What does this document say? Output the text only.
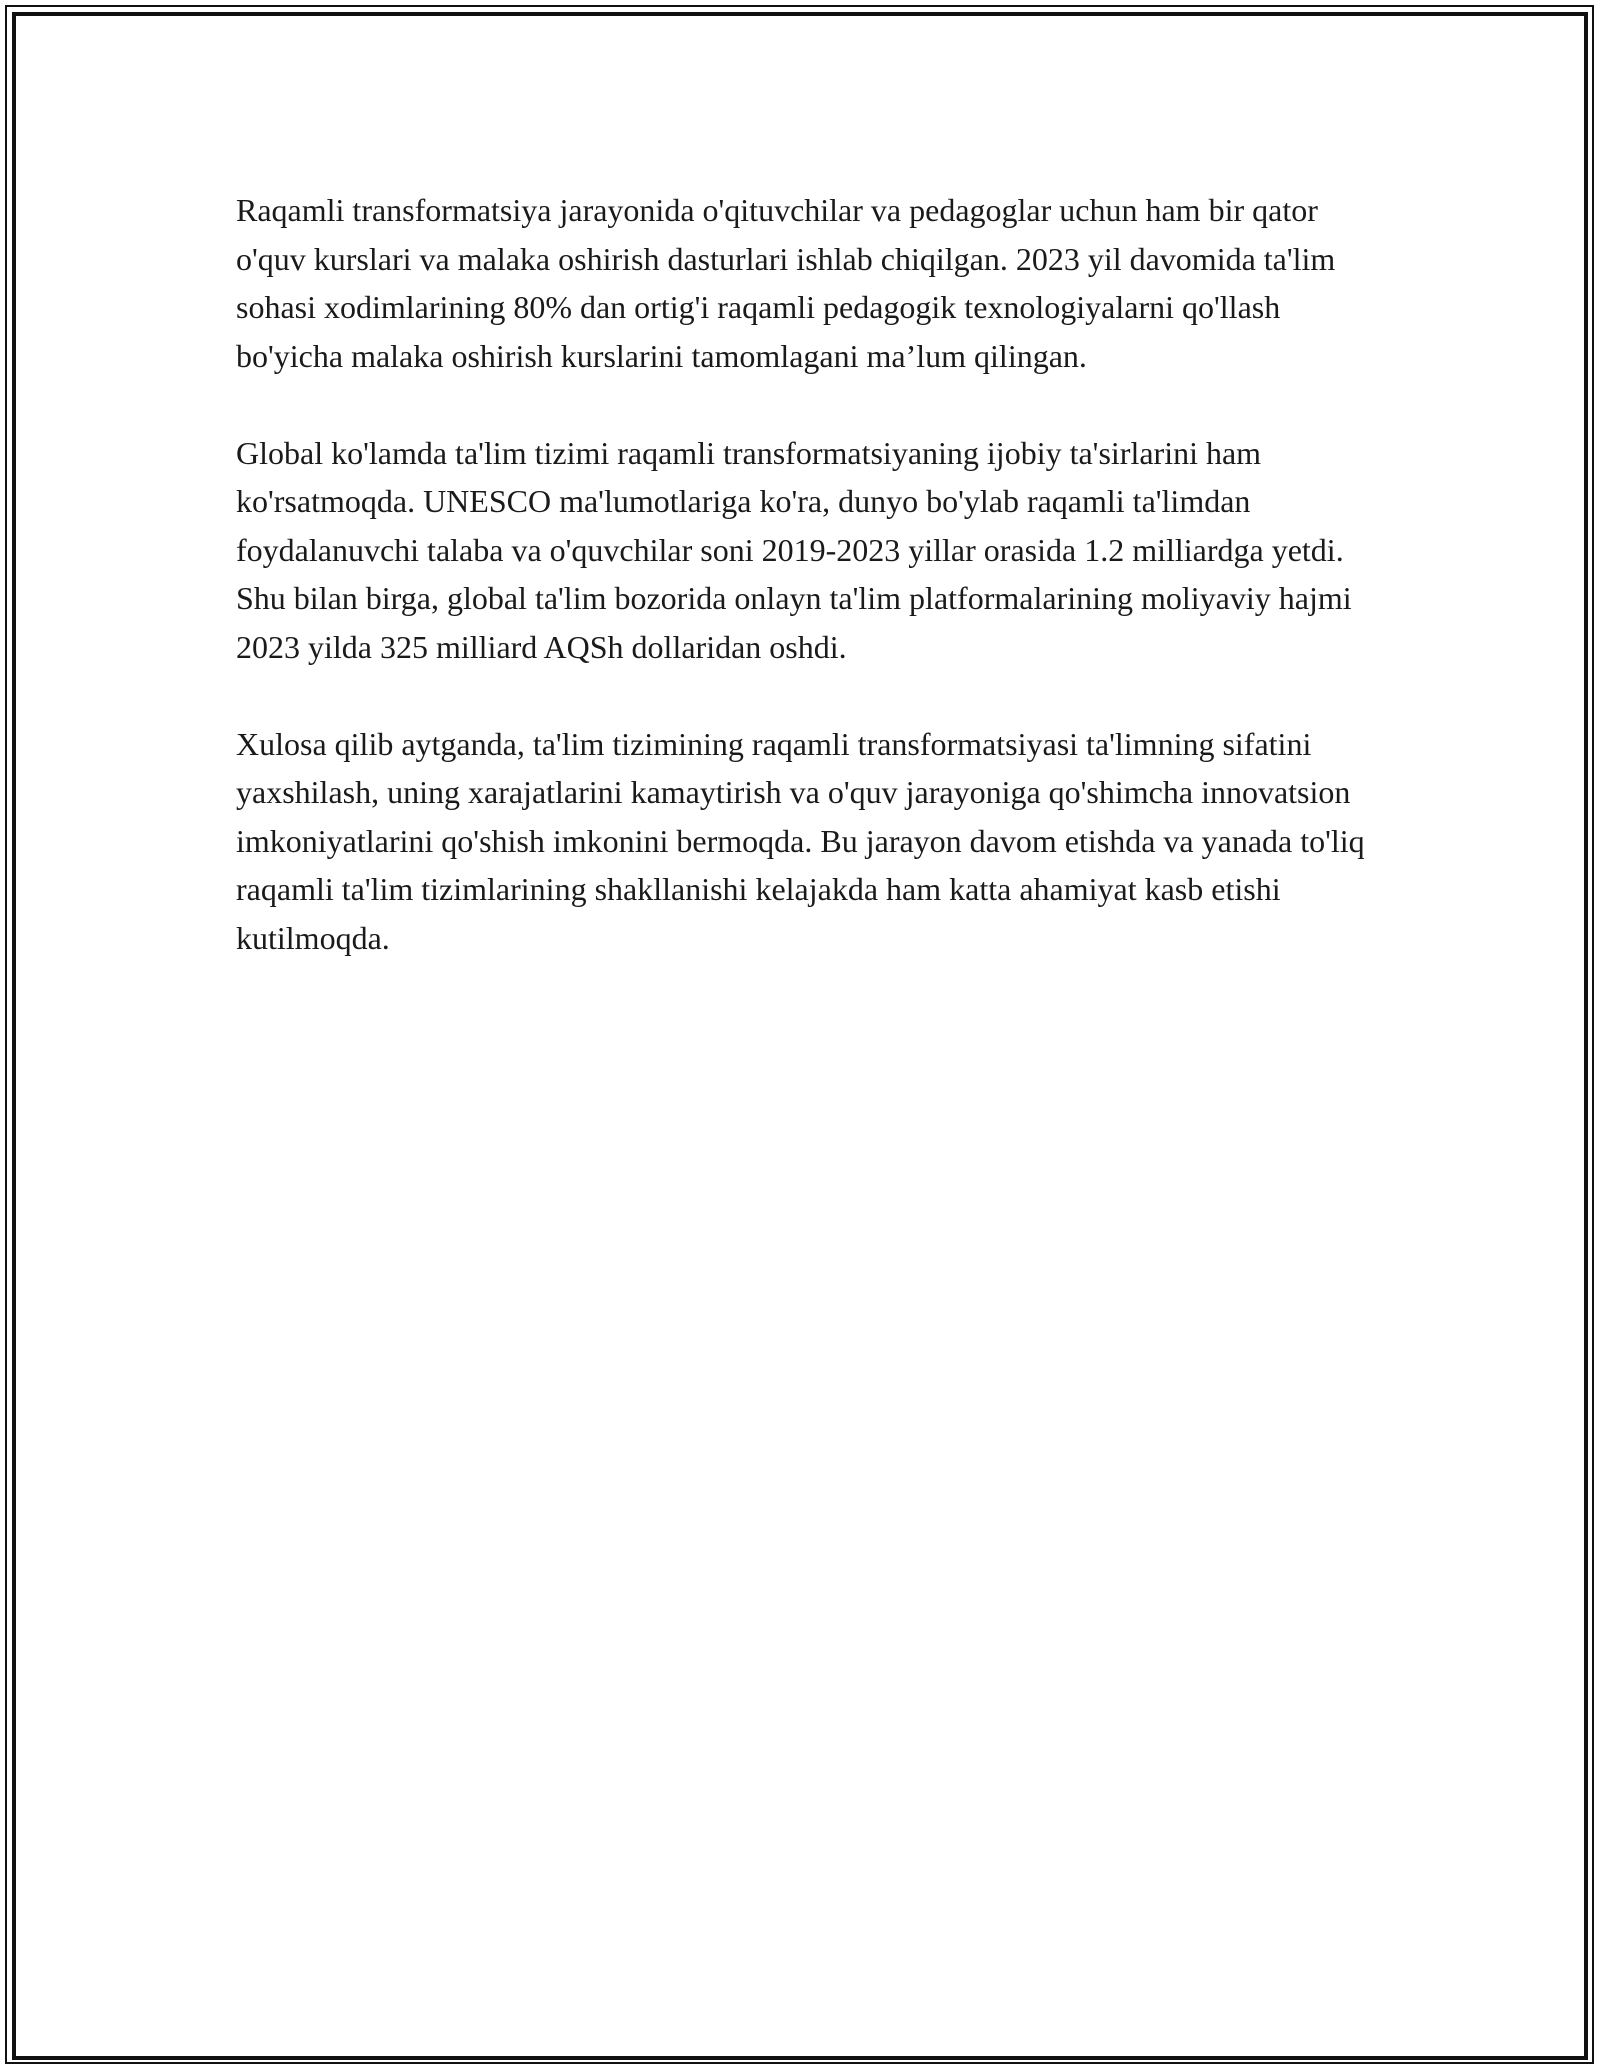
Raqamli transformatsiya jarayonida o'qituvchilar va pedagoglar uchun ham bir qator o'quv kurslari va malaka oshirish dasturlari ishlab chiqilgan. 2023 yil davomida ta'lim sohasi xodimlarining 80% dan ortig'i raqamli pedagogik texnologiyalarni qo'llash bo'yicha malaka oshirish kurslarini tamomlagani ma’lum qilingan.

Global ko'lamda ta'lim tizimi raqamli transformatsiyaning ijobiy ta'sirlarini ham ko'rsatmoqda. UNESCO ma'lumotlariga ko'ra, dunyo bo'ylab raqamli ta'limdan foydalanuvchi talaba va o'quvchilar soni 2019-2023 yillar orasida 1.2 milliardga yetdi. Shu bilan birga, global ta'lim bozorida onlayn ta'lim platformalarining moliyaviy hajmi 2023 yilda 325 milliard AQSh dollaridan oshdi.

Xulosa qilib aytganda, ta'lim tizimining raqamli transformatsiyasi ta'limning sifatini yaxshilash, uning xarajatlarini kamaytirish va o'quv jarayoniga qo'shimcha innovatsion imkoniyatlarini qo'shish imkonini bermoqda. Bu jarayon davom etishda va yanada to'liq raqamli ta'lim tizimlarining shakllanishi kelajakda ham katta ahamiyat kasb etishi kutilmoqda.
